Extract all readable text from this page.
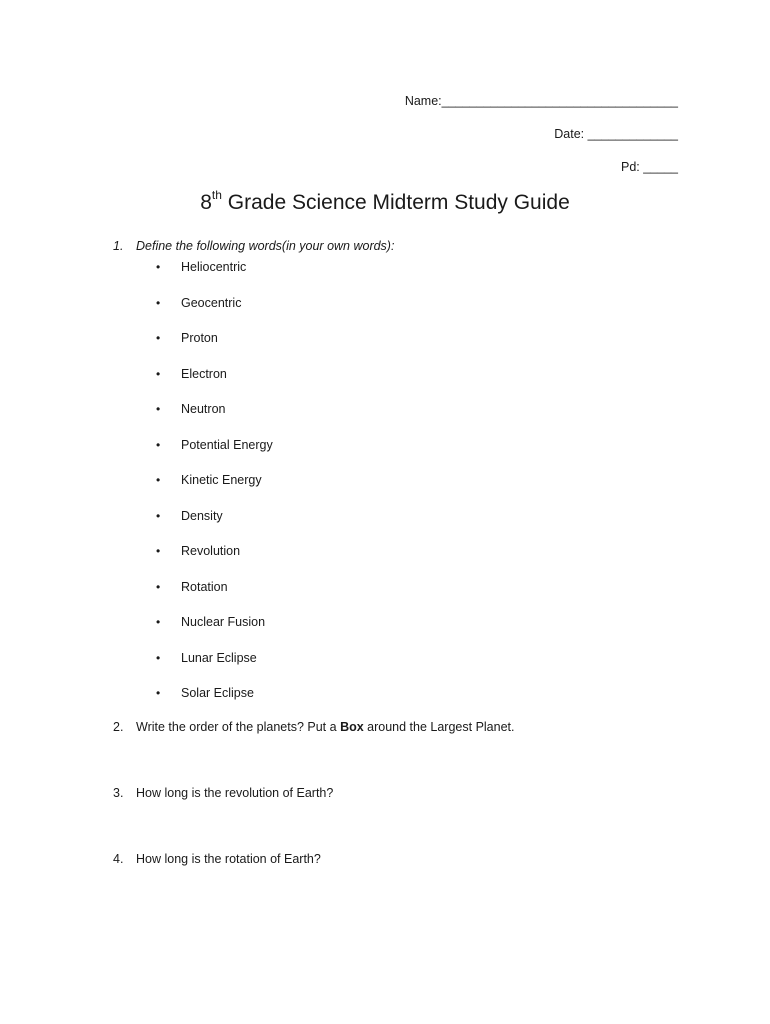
Name:__________________________________
Date: _____________
Pd: _____
8th Grade Science Midterm Study Guide
1. Define the following words(in your own words):
•	Heliocentric
•	Geocentric
•	Proton
•	Electron
•	Neutron
•	Potential Energy
•	Kinetic Energy
•	Density
•	Revolution
•	Rotation
•	Nuclear Fusion
•	Lunar Eclipse
•	Solar Eclipse
2. Write the order of the planets? Put a Box around the Largest Planet.
3. How long is the revolution of Earth?
4. How long is the rotation of Earth?
